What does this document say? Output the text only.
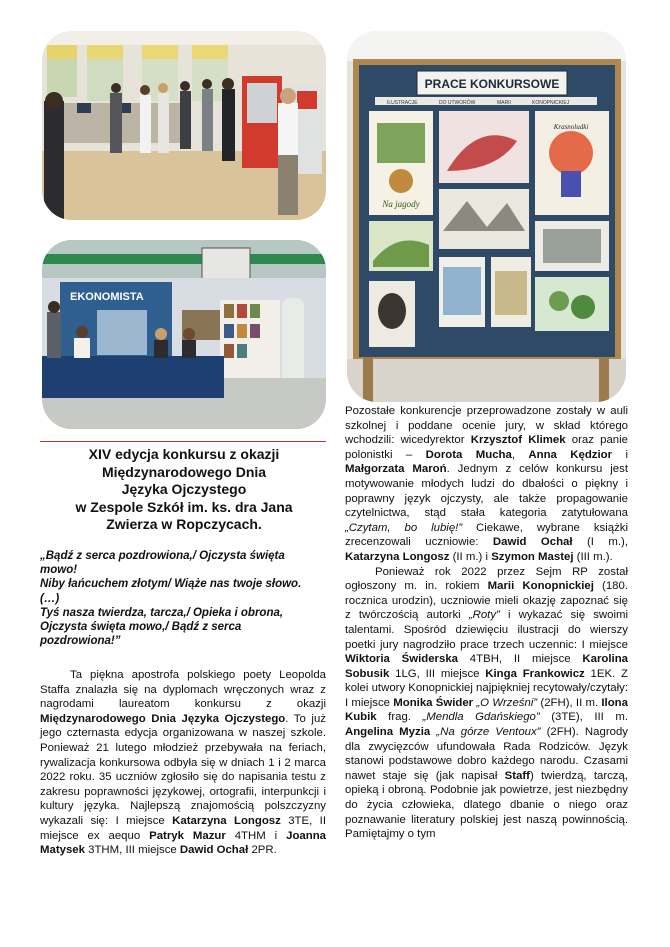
EKONOMISTA
PRACE KONKURSOWE
ILUSTRACJE	DO UTWORÓW	MARII	KONOPNICKIEJ
Na jagody
Krasnoludki
XIV edycja konkursu z okazji
Międzynarodowego Dnia
Języka Ojczystego
w Zespole Szkół im. ks. dra Jana
Zwierza w Ropczycach.
„Bądź z serca pozdrowiona,/ Ojczysta święta
mowo!
Niby łańcuchem złotym/ Wiąże nas twoje słowo.
(…)
Tyś nasza twierdza, tarcza,/ Opieka i obrona,
Ojczysta święta mowo,/ Bądź z serca
pozdrowiona!”

Ta piękna apostrofa polskiego poety Leopolda Staffa znalazła się na dyplomach wręczonych wraz z nagrodami laureatom konkursu z okazji Międzynarodowego Dnia Języka Ojczystego. To już jego czternasta edycja organizowana w naszej szkole. Ponieważ 21 lutego młodzież przebywała na feriach, rywalizacja konkursowa odbyła się w dniach 1 i 2 marca 2022 roku. 35 uczniów zgłosiło się do napisania testu z zakresu poprawności językowej, ortografii, interpunkcji i kultury języka. Najlepszą znajomością polszczyzny wykazali się: I miejsce Katarzyna Longosz 3TE, II miejsce ex aequo Patryk Mazur 4THM i Joanna Matysek 3THM, III miejsce Dawid Ochał 2PR.

Pozostałe konkurencje przeprowadzone zostały w auli szkolnej i poddane ocenie jury, w skład którego wchodzili: wicedyrektor Krzysztof Klimek oraz panie polonistki – Dorota Mucha, Anna Kędzior i Małgorzata Maroń. Jednym z celów konkursu jest motywowanie młodych ludzi do dbałości o piękny i poprawny język ojczysty, ale także propagowanie czytelnictwa, stąd stała kategoria zatytułowana „Czytam, bo lubię!” Ciekawe, wybrane książki zrecenzowali uczniowie: Dawid Ochał (I m.), Katarzyna Longosz (II m.) i Szymon Mastej (III m.).

Ponieważ rok 2022 przez Sejm RP został ogłoszony m. in. rokiem Marii Konopnickiej (180. rocznica urodzin), uczniowie mieli okazję zapoznać się z twórczością autorki „Roty” i wykazać się swoimi talentami. Spośród dziewięciu ilustracji do wierszy poetki jury nagrodziło prace trzech uczennic: I miejsce Wiktoria Świderska 4TBH, II miejsce Karolina Sobusik 1LG, III miejsce Kinga Frankowicz 1EK. Z kolei utwory Konopnickiej najpiękniej recytowały/czytały: I miejsce Monika Świder „O Wrześni” (2FH), II m. Ilona Kubik frag. „Mendla Gdańskiego” (3TE), III m. Angelina Myzia „Na górze Ventoux” (2FH). Nagrody dla zwycięzców ufundowała Rada Rodziców. Język stanowi podstawowe dobro każdego narodu. Czasami nawet staje się (jak napisał Staff) twierdzą, tarczą, opieką i obroną. Podobnie jak powietrze, jest niezbędny do życia człowieka, dlatego dbanie o niego oraz poznawanie literatury polskiej jest naszą powinnością. Pamiętajmy o tym
